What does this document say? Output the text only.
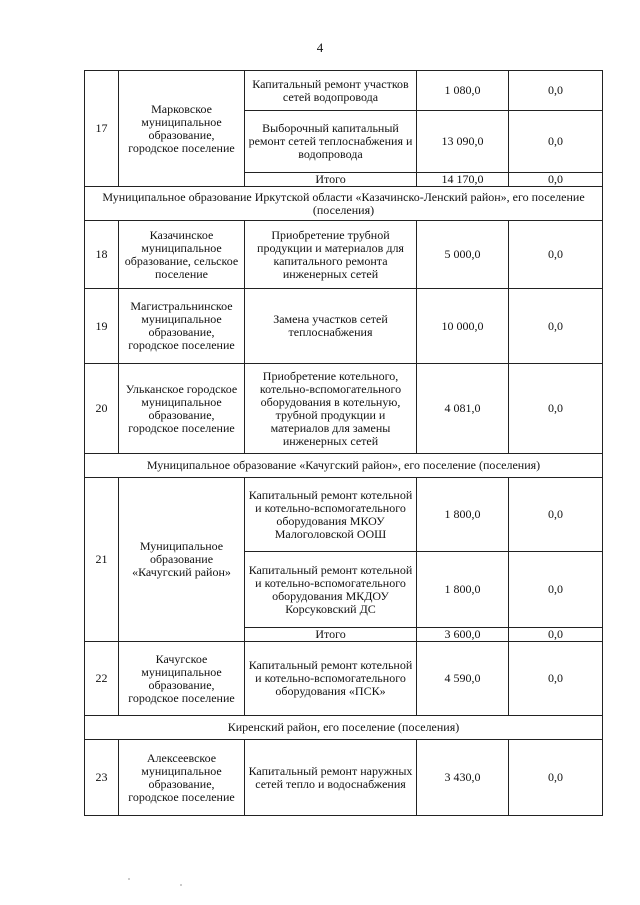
4
17	Марковское муниципальное образование, городское поселение	Капитальный ремонт участков сетей водопровода	1 080,0	0,0
		Выборочный капитальный ремонт сетей теплоснабжения и водопровода	13 090,0	0,0
		Итого	14 170,0	0,0
Муниципальное образование Иркутской области «Казачинско-Ленский район», его поселение (поселения)				
18	Казачинское муниципальное образование, сельское поселение	Приобретение трубной продукции и материалов для капитального ремонта инженерных сетей	5 000,0	0,0
19	Магистральнинское муниципальное образование, городское поселение	Замена участков сетей теплоснабжения	10 000,0	0,0
20	Ульканское городское муниципальное образование, городское поселение	Приобретение котельного, котельно-вспомогательного оборудования в котельную, трубной продукции и материалов для замены инженерных сетей	4 081,0	0,0
Муниципальное образование «Качугский район», его поселение (поселения)				
21	Муниципальное образование «Качугский район»	Капитальный ремонт котельной и котельно-вспомогательного оборудования МКОУ Малоголовской ООШ	1 800,0	0,0
		Капитальный ремонт котельной и котельно-вспомогательного оборудования МКДОУ Корсуковский ДС	1 800,0	0,0
		Итого	3 600,0	0,0
22	Качугское муниципальное образование, городское поселение	Капитальный ремонт котельной и котельно-вспомогательного оборудования «ПСК»	4 590,0	0,0
Киренский район, его поселение (поселения)				
23	Алексеевское муниципальное образование, городское поселение	Капитальный ремонт наружных сетей тепло и водоснабжения	3 430,0	0,0
